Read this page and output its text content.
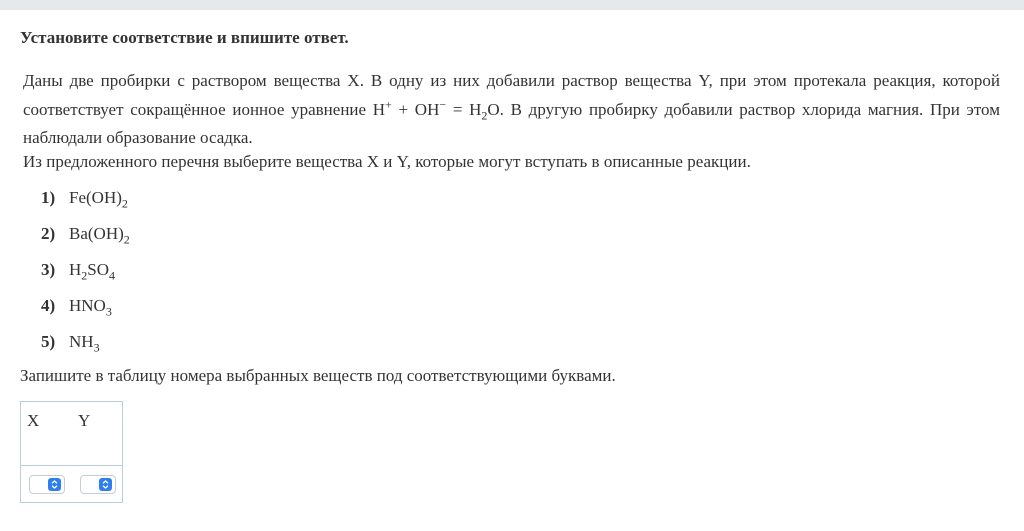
Установите соответствие и впишите ответ.
Даны две пробирки с раствором вещества X. В одну из них добавили раствор вещества Y, при этом протекала реакция, которой соответствует сокращённое ионное уравнение $H^+ + OH^- = H_2O$. В другую пробирку добавили раствор хлорида магния. При этом наблюдали образование осадка.
Из предложенного перечня выберите вещества X и Y, которые могут вступать в описанные реакции.
1) $Fe(OH)_2$
2) $Ba(OH)_2$
3) $H_2SO_4$
4) $HNO_3$
5) $NH_3$
Запишите в таблицу номера выбранных веществ под соответствующими буквами.
X Y
